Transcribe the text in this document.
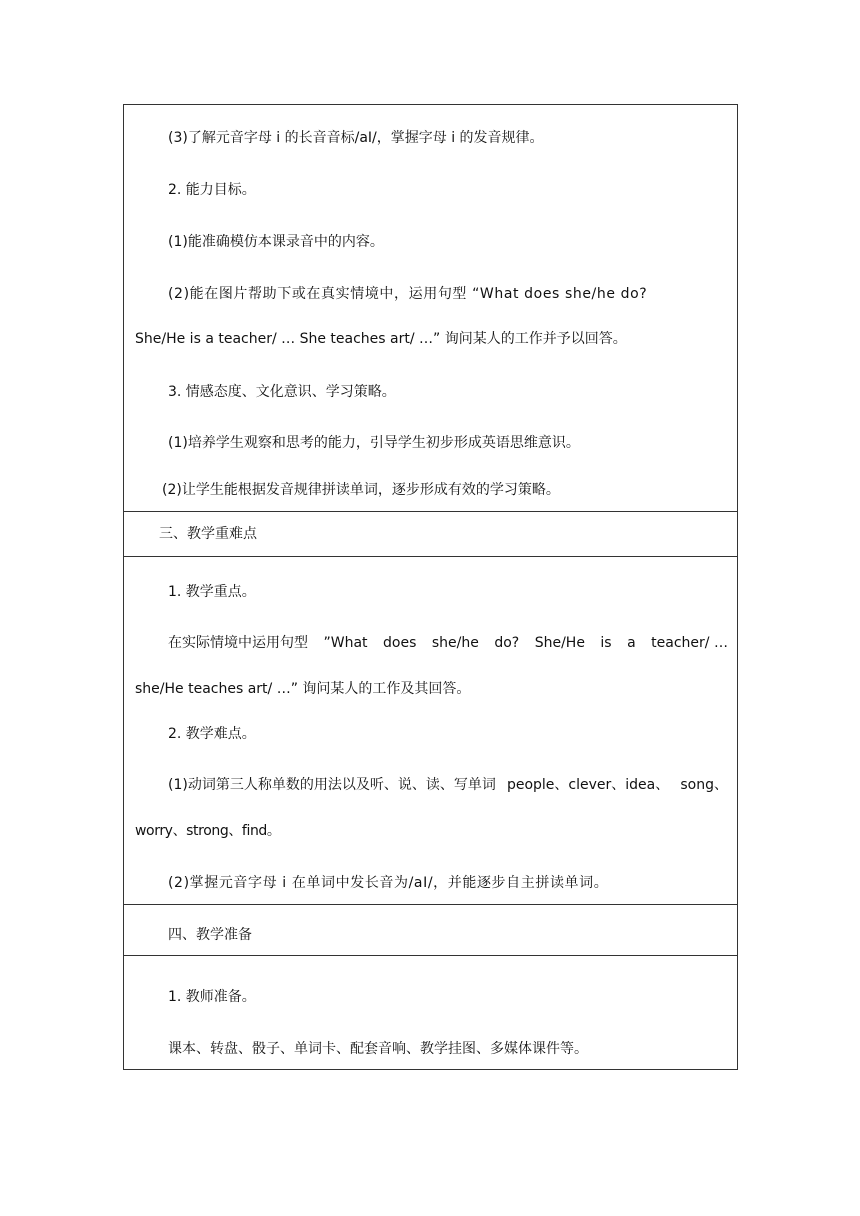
(3)了解元音字母 i 的长音音标/aI/，掌握字母 i 的发音规律。
2. 能力目标。
(1)能准确模仿本课录音中的内容。
(2)能在图片帮助下或在真实情境中，运用句型 “What does she/he do?
She/He is a teacher/ … She teaches art/ …” 询问某人的工作并予以回答。
3. 情感态度、文化意识、学习策略。
(1)培养学生观察和思考的能力，引导学生初步形成英语思维意识。
(2)让学生能根据发音规律拼读单词，逐步形成有效的学习策略。
三、教学重难点
1. 教学重点。
在实际情境中运用句型 ”What does she/he do? She/He is a teacher/ …
she/He teaches art/ …” 询问某人的工作及其回答。
2. 教学难点。
(1)动词第三人称单数的用法以及听、说、读、写单词 people、clever、idea、 song、
worry、strong、find。
(2)掌握元音字母 i 在单词中发长音为/aI/，并能逐步自主拼读单词。
四、教学准备
1. 教师准备。
课本、转盘、骰子、单词卡、配套音响、教学挂图、多媒体课件等。
